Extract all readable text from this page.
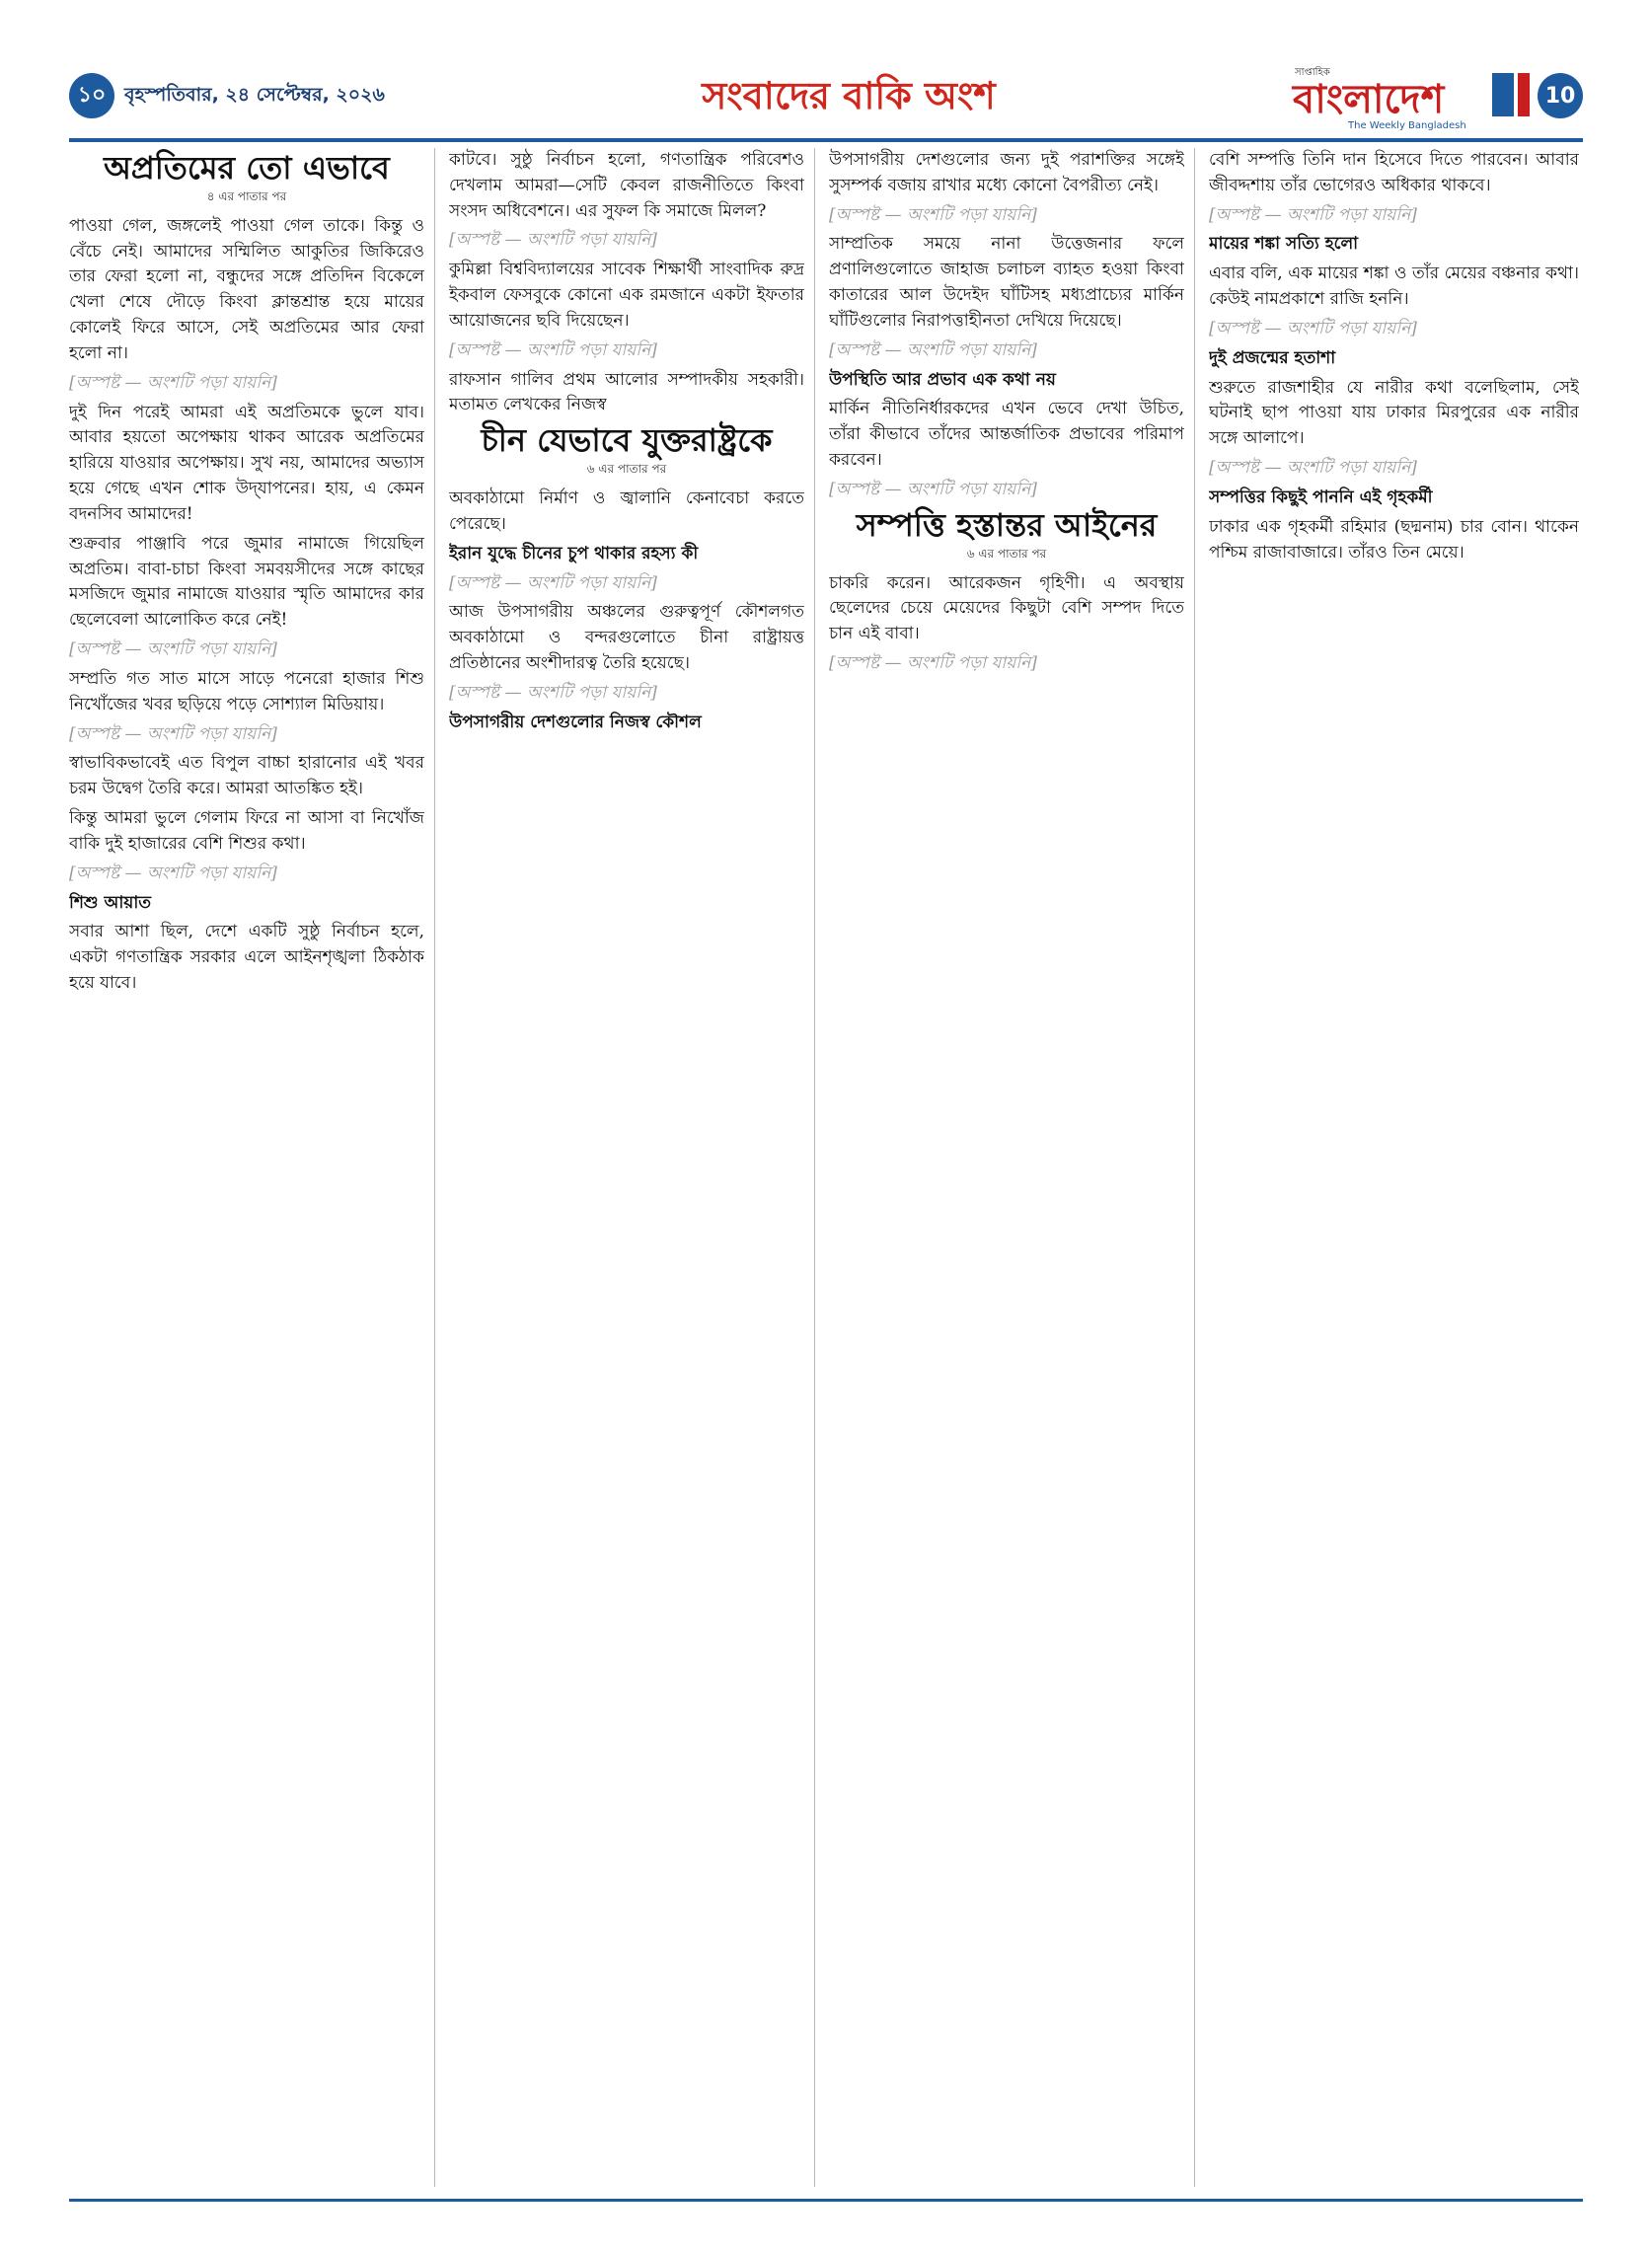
১০ বৃহস্পতিবার, ২৪ সেপ্টেম্বর, ২০২৬	সংবাদের বাকি অংশ
সাপ্তাহিক
বাংলাদেশ
The Weekly Bangladesh
10
অপ্রতিমের তো এভাবে
৪ এর পাতার পর

পাওয়া গেল, জঙ্গলেই পাওয়া গেল তাকে। কিন্তু ও বেঁচে নেই। আমাদের সম্মিলিত আকুতির জিকিরেও তার ফেরা হলো না, বন্ধুদের সঙ্গে প্রতিদিন বিকেলে খেলা শেষে দৌড়ে কিংবা ক্লান্তশ্রান্ত হয়ে মায়ের কোলেই ফিরে আসে, সেই অপ্রতিমের আর ফেরা হলো না।

[অস্পষ্ট — অংশটি পড়া যায়নি]

দুই দিন পরেই আমরা এই অপ্রতিমকে ভুলে যাব। আবার হয়তো অপেক্ষায় থাকব আরেক অপ্রতিমের হারিয়ে যাওয়ার অপেক্ষায়। সুখ নয়, আমাদের অভ্যাস হয়ে গেছে এখন শোক উদ্‌যাপনের। হায়, এ কেমন বদনসিব আমাদের!

শুক্রবার পাঞ্জাবি পরে জুমার নামাজে গিয়েছিল অপ্রতিম। বাবা-চাচা কিংবা সমবয়সীদের সঙ্গে কাছের মসজিদে জুমার নামাজে যাওয়ার স্মৃতি আমাদের কার ছেলেবেলা আলোকিত করে নেই!

[অস্পষ্ট — অংশটি পড়া যায়নি]

সম্প্রতি গত সাত মাসে সাড়ে পনেরো হাজার শিশু নিখোঁজের খবর ছড়িয়ে পড়ে সোশ্যাল মিডিয়ায়।

[অস্পষ্ট — অংশটি পড়া যায়নি]

স্বাভাবিকভাবেই এত বিপুল বাচ্চা হারানোর এই খবর চরম উদ্বেগ তৈরি করে। আমরা আতঙ্কিত হই।

কিন্তু আমরা ভুলে গেলাম ফিরে না আসা বা নিখোঁজ বাকি দুই হাজারের বেশি শিশুর কথা।

[অস্পষ্ট — অংশটি পড়া যায়নি]

শিশু আয়াত

সবার আশা ছিল, দেশে একটি সুষ্ঠু নির্বাচন হলে, একটা গণতান্ত্রিক সরকার এলে আইনশৃঙ্খলা ঠিকঠাক হয়ে যাবে।

কাটবে। সুষ্ঠু নির্বাচন হলো, গণতান্ত্রিক পরিবেশও দেখলাম আমরা—সেটি কেবল রাজনীতিতে কিংবা সংসদ অধিবেশনে। এর সুফল কি সমাজে মিলল?

[অস্পষ্ট — অংশটি পড়া যায়নি]

কুমিল্লা বিশ্ববিদ্যালয়ের সাবেক শিক্ষার্থী সাংবাদিক রুদ্র ইকবাল ফেসবুকে কোনো এক রমজানে একটা ইফতার আয়োজনের ছবি দিয়েছেন।

[অস্পষ্ট — অংশটি পড়া যায়নি]

রাফসান গালিব প্রথম আলোর সম্পাদকীয় সহকারী। মতামত লেখকের নিজস্ব

চীন যেভাবে যুক্তরাষ্ট্রকে
৬ এর পাতার পর

অবকাঠামো নির্মাণ ও জ্বালানি কেনাবেচা করতে পেরেছে।

ইরান যুদ্ধে চীনের চুপ থাকার রহস্য কী

[অস্পষ্ট — অংশটি পড়া যায়নি]

আজ উপসাগরীয় অঞ্চলের গুরুত্বপূর্ণ কৌশলগত অবকাঠামো ও বন্দরগুলোতে চীনা রাষ্ট্রায়ত্ত প্রতিষ্ঠানের অংশীদারত্ব তৈরি হয়েছে।

[অস্পষ্ট — অংশটি পড়া যায়নি]

উপসাগরীয় দেশগুলোর নিজস্ব কৌশল

উপসাগরীয় দেশগুলোর জন্য দুই পরাশক্তির সঙ্গেই সুসম্পর্ক বজায় রাখার মধ্যে কোনো বৈপরীত্য নেই।

[অস্পষ্ট — অংশটি পড়া যায়নি]

সাম্প্রতিক সময়ে নানা উত্তেজনার ফলে প্রণালিগুলোতে জাহাজ চলাচল ব্যাহত হওয়া কিংবা কাতারের আল উদেইদ ঘাঁটিসহ মধ্যপ্রাচ্যের মার্কিন ঘাঁটিগুলোর নিরাপত্তাহীনতা দেখিয়ে দিয়েছে।

[অস্পষ্ট — অংশটি পড়া যায়নি]

উপস্থিতি আর প্রভাব এক কথা নয়

মার্কিন নীতিনির্ধারকদের এখন ভেবে দেখা উচিত, তাঁরা কীভাবে তাঁদের আন্তর্জাতিক প্রভাবের পরিমাপ করবেন।

[অস্পষ্ট — অংশটি পড়া যায়নি]

সম্পত্তি হস্তান্তর আইনের
৬ এর পাতার পর

চাকরি করেন। আরেকজন গৃহিণী। এ অবস্থায় ছেলেদের চেয়ে মেয়েদের কিছুটা বেশি সম্পদ দিতে চান এই বাবা।

[অস্পষ্ট — অংশটি পড়া যায়নি]

বেশি সম্পত্তি তিনি দান হিসেবে দিতে পারবেন। আবার জীবদ্দশায় তাঁর ভোগেরও অধিকার থাকবে।

[অস্পষ্ট — অংশটি পড়া যায়নি]

মায়ের শঙ্কা সত্যি হলো

এবার বলি, এক মায়ের শঙ্কা ও তাঁর মেয়ের বঞ্চনার কথা। কেউই নামপ্রকাশে রাজি হননি।

[অস্পষ্ট — অংশটি পড়া যায়নি]

দুই প্রজন্মের হতাশা

শুরুতে রাজশাহীর যে নারীর কথা বলেছিলাম, সেই ঘটনাই ছাপ পাওয়া যায় ঢাকার মিরপুরের এক নারীর সঙ্গে আলাপে।

[অস্পষ্ট — অংশটি পড়া যায়নি]

সম্পত্তির কিছুই পাননি এই গৃহকর্মী

ঢাকার এক গৃহকর্মী রহিমার (ছদ্মনাম) চার বোন। থাকেন পশ্চিম রাজাবাজারে। তাঁরও তিন মেয়ে।
